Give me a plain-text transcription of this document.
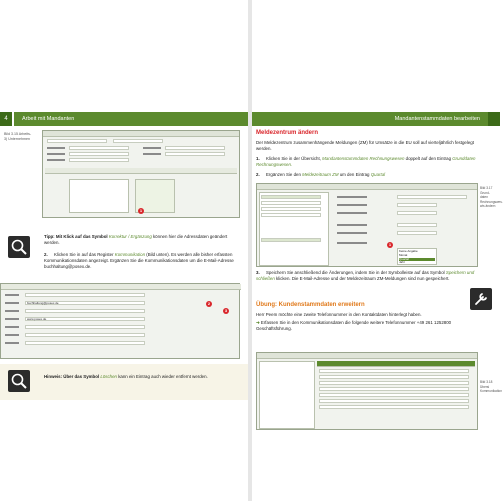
4	Arbeit mit Mandanten
Bild 3.15 Arbeits-
3) Unternehmen
1
Tipp: Mit Klick auf das Symbol Korrektur / Ergänzung können hier die Adressdaten geändert werden.
2. Klicken Sie in auf das Register Kommunikation (Bild unten). Es werden alle bisher erfassten Kommunikationsdaten angezeigt. Ergänzen Sie die Kommunikationsdaten um die E-Mail-Adresse buchhaltung@posex.de.
buchhaltung@posex.de
www.posex.de
2
3
Hinweis: Über das Symbol Löschen kann ein Eintrag auch wieder entfernt werden.
Mandantenstammdaten bearbeiten
Meldezentrum ändern
Der Meldezentrum zusammenhängende Meldungen (ZM) für Umsätze in die EU soll auf vierteljährlich festgelegt werden.
1. Klicken Sie in der Übersicht, Mandantenstammdaten Rechnungswesen doppelt auf den Eintrag Grunddaten Rechnungswesen.
2. Ergänzen Sie den Meldezeitraum ZM um den Eintrag Quartal
Keine Angabe
Monat
Quartal
Jahr
1
Bild 3.17 Grund-
daten Rechnungswes.
wis ändern
3. Speichern Sie anschließend die Änderungen, indem Sie in der Symbolleiste auf das Symbol Speichern und schließen klicken. Die E-Mail-Adresse und der Meldezeitraum ZM-Meldungen sind nun gespeichert.
Übung: Kundenstammdaten erweitern
Herr Peem möchte eine zweite Telefonnummer in den Kontaktdaten hinterlegt haben.
➜ Erfassen Sie in den Kommunikationsdaten die folgende weitere Telefonnummer +49 261 1252800 Geschäftsführung.
Bild 3.18 Übersi
Kommunikation
